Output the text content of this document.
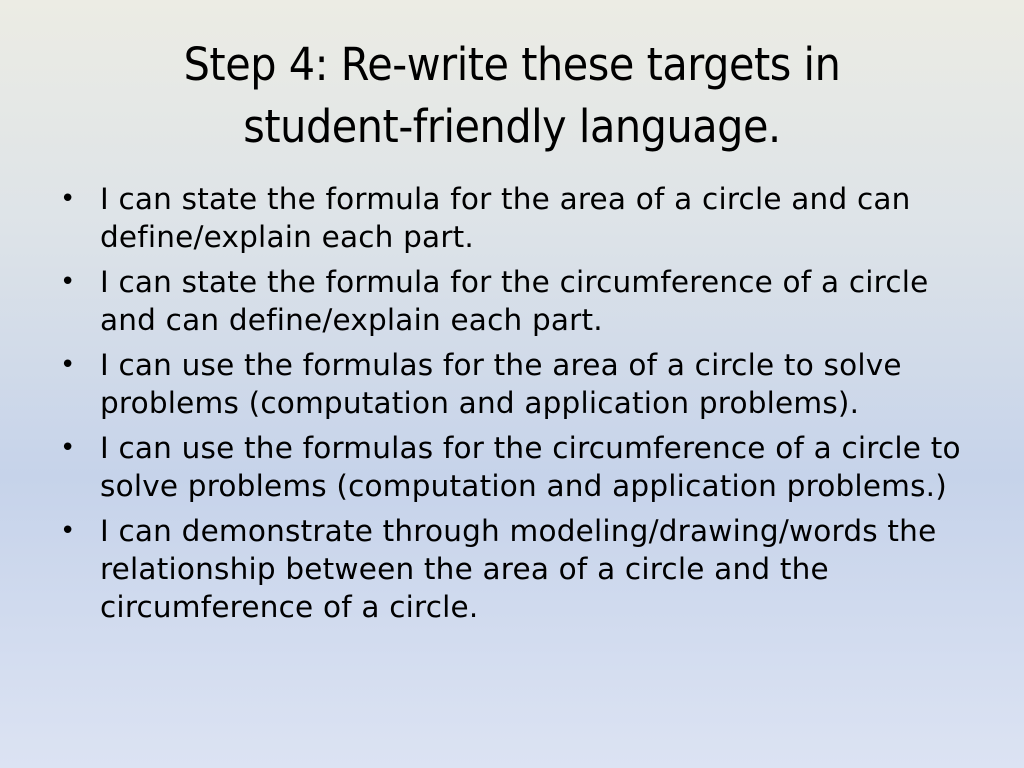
Step 4: Re-write these targets in student-friendly language.
• I can state the formula for the area of a circle and can define/explain each part.
• I can state the formula for the circumference of a circle and can define/explain each part.
• I can use the formulas for the area of a circle to solve problems (computation and application problems).
• I can use the formulas for the circumference of a circle to solve problems (computation and application problems.)
• I can demonstrate through modeling/drawing/words the relationship between the area of a circle and the circumference of a circle.
